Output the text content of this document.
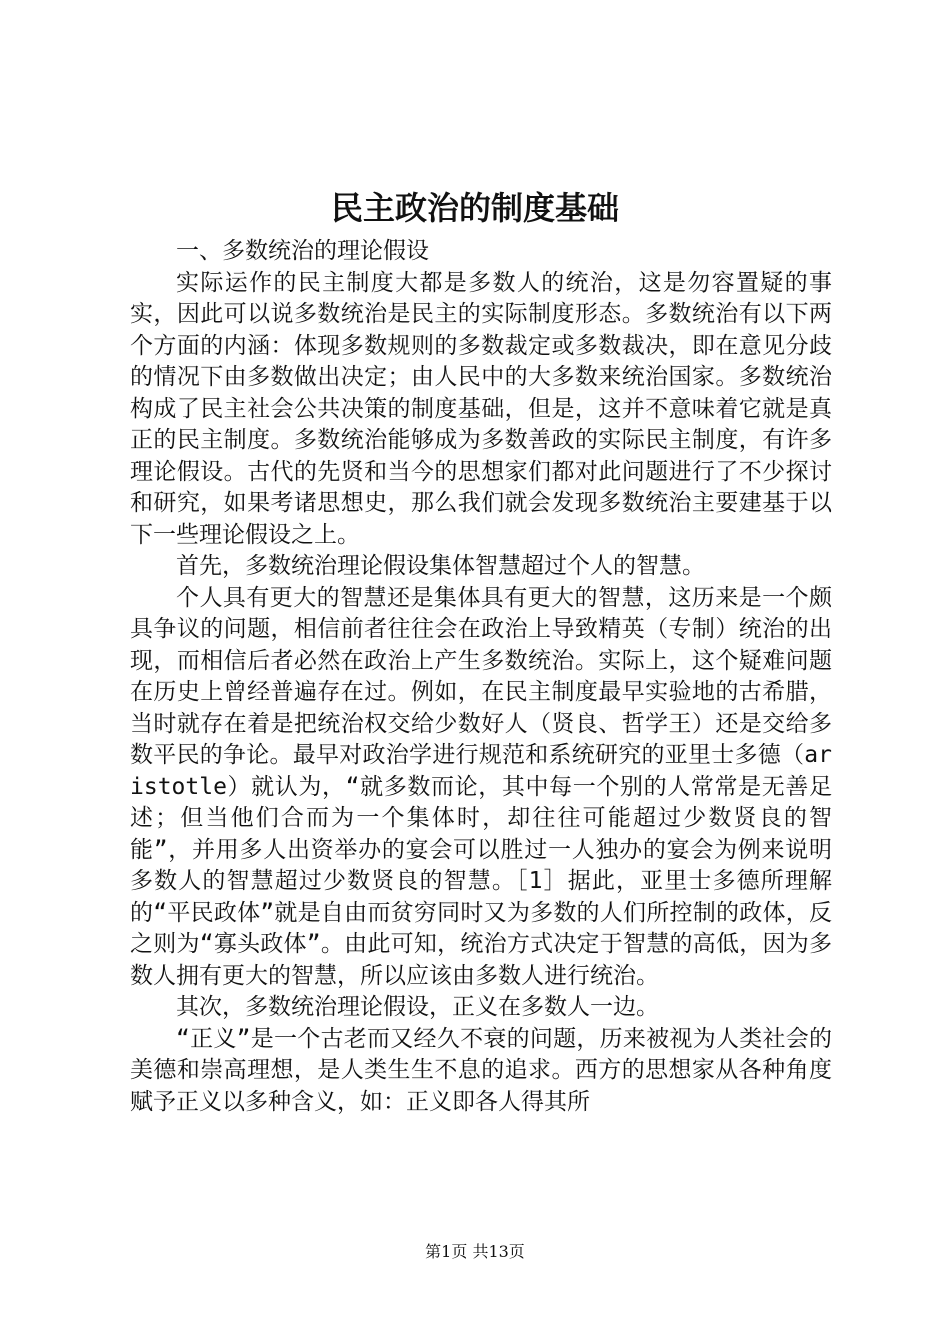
民主政治的制度基础

一、多数统治的理论假设

实际运作的民主制度大都是多数人的统治，这是勿容置疑的事实，因此可以说多数统治是民主的实际制度形态。多数统治有以下两个方面的内涵：体现多数规则的多数裁定或多数裁决，即在意见分歧的情况下由多数做出决定；由人民中的大多数来统治国家。多数统治构成了民主社会公共决策的制度基础，但是，这并不意味着它就是真正的民主制度。多数统治能够成为多数善政的实际民主制度，有许多理论假设。古代的先贤和当今的思想家们都对此问题进行了不少探讨和研究，如果考诸思想史，那么我们就会发现多数统治主要建基于以下一些理论假设之上。

首先，多数统治理论假设集体智慧超过个人的智慧。

个人具有更大的智慧还是集体具有更大的智慧，这历来是一个颇具争议的问题，相信前者往往会在政治上导致精英（专制）统治的出现，而相信后者必然在政治上产生多数统治。实际上，这个疑难问题在历史上曾经普遍存在过。例如，在民主制度最早实验地的古希腊，当时就存在着是把统治权交给少数好人（贤良、哲学王）还是交给多数平民的争论。最早对政治学进行规范和系统研究的亚里士多德（aristotle）就认为，“就多数而论，其中每一个别的人常常是无善足述；但当他们合而为一个集体时，却往往可能超过少数贤良的智能”，并用多人出资举办的宴会可以胜过一人独办的宴会为例来说明多数人的智慧超过少数贤良的智慧。［1］据此，亚里士多德所理解的“平民政体”就是自由而贫穷同时又为多数的人们所控制的政体，反之则为“寡头政体”。由此可知，统治方式决定于智慧的高低，因为多数人拥有更大的智慧，所以应该由多数人进行统治。

其次，多数统治理论假设，正义在多数人一边。

“正义”是一个古老而又经久不衰的问题，历来被视为人类社会的美德和崇高理想，是人类生生不息的追求。西方的思想家从各种角度赋予正义以多种含义，如：正义即各人得其所

第1页 共13页
